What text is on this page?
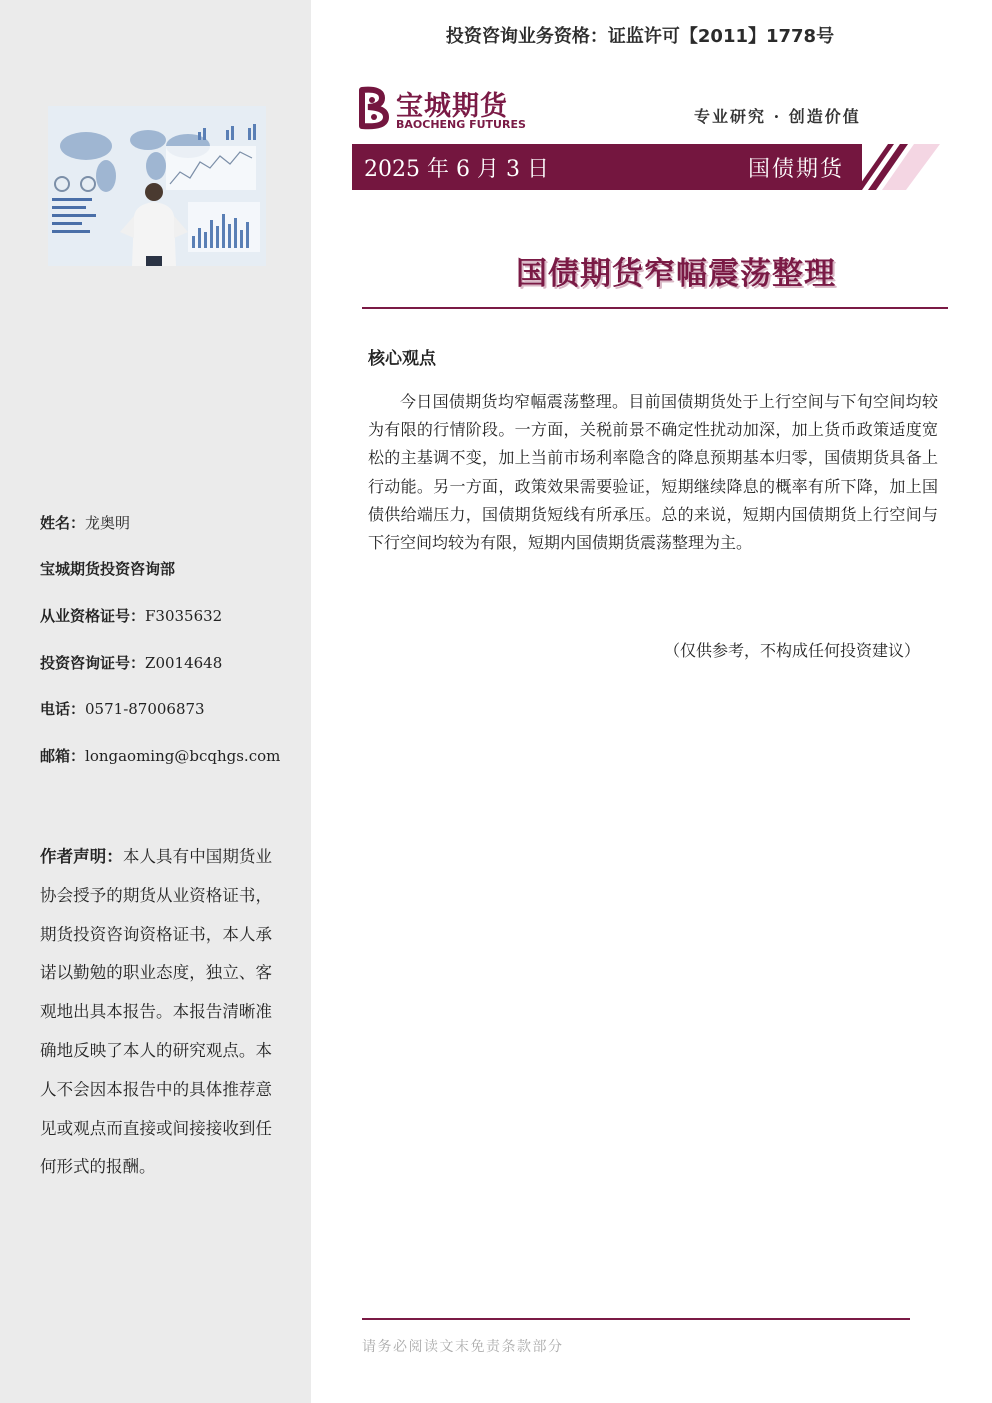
姓名：龙奥明
宝城期货投资咨询部
从业资格证号：F3035632
投资咨询证号：Z0014648
电话：0571-87006873
邮箱：longaoming@bcqhgs.com
作者声明：本人具有中国期货业协会授予的期货从业资格证书，期货投资咨询资格证书，本人承诺以勤勉的职业态度，独立、客观地出具本报告。本报告清晰准确地反映了本人的研究观点。本人不会因本报告中的具体推荐意见或观点而直接或间接接收到任何形式的报酬。
投资咨询业务资格：证监许可【2011】1778号
宝城期货
BAOCHENG FUTURES	专业研究 · 创造价值
2025 年 6 月 3 日	国债期货
国债期货窄幅震荡整理
核心观点
今日国债期货均窄幅震荡整理。目前国债期货处于上行空间与下旬空间均较为有限的行情阶段。一方面，关税前景不确定性扰动加深，加上货币政策适度宽松的主基调不变，加上当前市场利率隐含的降息预期基本归零，国债期货具备上行动能。另一方面，政策效果需要验证，短期继续降息的概率有所下降，加上国债供给端压力，国债期货短线有所承压。总的来说，短期内国债期货上行空间与下行空间均较为有限，短期内国债期货震荡整理为主。
（仅供参考，不构成任何投资建议）
请务必阅读文末免责条款部分
